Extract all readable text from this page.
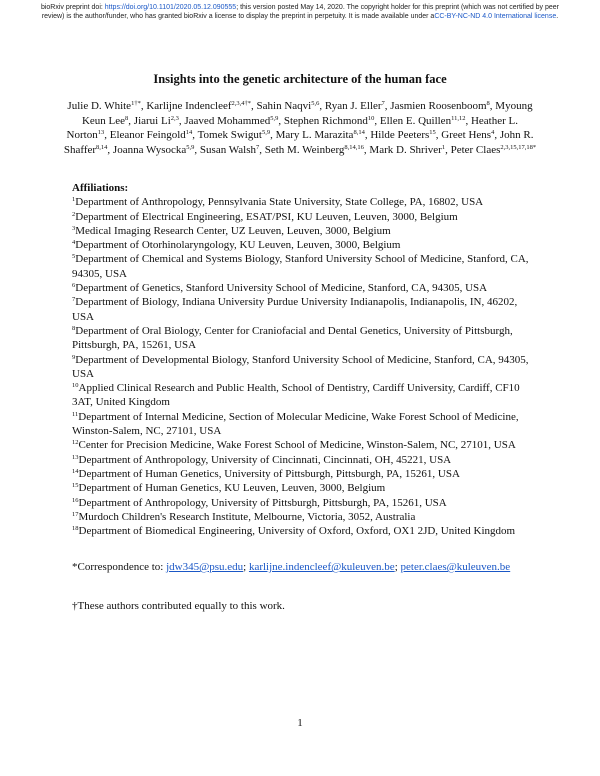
bioRxiv preprint doi: https://doi.org/10.1101/2020.05.12.090555; this version posted May 14, 2020. The copyright holder for this preprint (which was not certified by peer review) is the author/funder, who has granted bioRxiv a license to display the preprint in perpetuity. It is made available under aCC-BY-NC-ND 4.0 International license.
Insights into the genetic architecture of the human face
Julie D. White$^{1\dagger*}$, Karlijne Indencleef$^{2,3,4\dagger*}$, Sahin Naqvi$^{5,6}$, Ryan J. Eller$^7$, Jasmien Roosenboom$^8$, Myoung Keun Lee$^8$, Jiarui Li$^{2,3}$, Jaaved Mohammed$^{5,9}$, Stephen Richmond$^{10}$, Ellen E. Quillen$^{11,12}$, Heather L. Norton$^{13}$, Eleanor Feingold$^{14}$, Tomek Swigut$^{5,9}$, Mary L. Marazita$^{8,14}$, Hilde Peeters$^{15}$, Greet Hens$^4$, John R. Shaffer$^{8,14}$, Joanna Wysocka$^{5,9}$, Susan Walsh$^7$, Seth M. Weinberg$^{8,14,16}$, Mark D. Shriver$^1$, Peter Claes$^{2,3,15,17,18*}$
Affiliations:
$^1$Department of Anthropology, Pennsylvania State University, State College, PA, 16802, USA
$^2$Department of Electrical Engineering, ESAT/PSI, KU Leuven, Leuven, 3000, Belgium
$^3$Medical Imaging Research Center, UZ Leuven, Leuven, 3000, Belgium
$^4$Department of Otorhinolaryngology, KU Leuven, Leuven, 3000, Belgium
$^5$Department of Chemical and Systems Biology, Stanford University School of Medicine, Stanford, CA, 94305, USA
$^6$Department of Genetics, Stanford University School of Medicine, Stanford, CA, 94305, USA
$^7$Department of Biology, Indiana University Purdue University Indianapolis, Indianapolis, IN, 46202, USA
$^8$Department of Oral Biology, Center for Craniofacial and Dental Genetics, University of Pittsburgh, Pittsburgh, PA, 15261, USA
$^9$Department of Developmental Biology, Stanford University School of Medicine, Stanford, CA, 94305, USA
$^{10}$Applied Clinical Research and Public Health, School of Dentistry, Cardiff University, Cardiff, CF10 3AT, United Kingdom
$^{11}$Department of Internal Medicine, Section of Molecular Medicine, Wake Forest School of Medicine, Winston-Salem, NC, 27101, USA
$^{12}$Center for Precision Medicine, Wake Forest School of Medicine, Winston-Salem, NC, 27101, USA
$^{13}$Department of Anthropology, University of Cincinnati, Cincinnati, OH, 45221, USA
$^{14}$Department of Human Genetics, University of Pittsburgh, Pittsburgh, PA, 15261, USA
$^{15}$Department of Human Genetics, KU Leuven, Leuven, 3000, Belgium
$^{16}$Department of Anthropology, University of Pittsburgh, Pittsburgh, PA, 15261, USA
$^{17}$Murdoch Children's Research Institute, Melbourne, Victoria, 3052, Australia
$^{18}$Department of Biomedical Engineering, University of Oxford, Oxford, OX1 2JD, United Kingdom
*Correspondence to: jdw345@psu.edu; karlijne.indencleef@kuleuven.be; peter.claes@kuleuven.be
†These authors contributed equally to this work.
1
